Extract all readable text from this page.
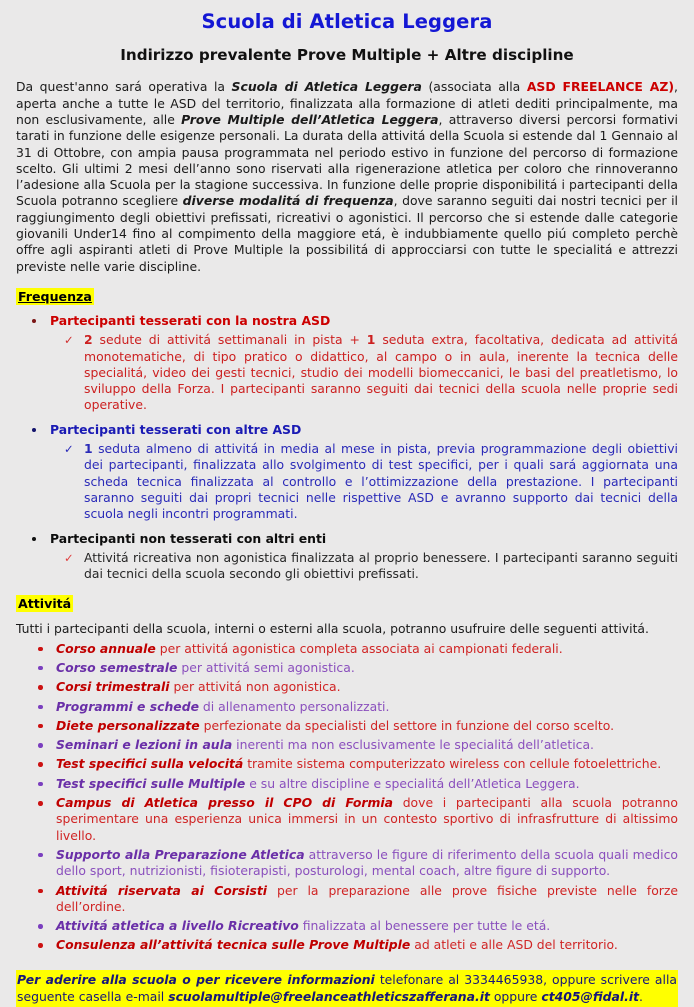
Scuola di Atletica Leggera
Indirizzo prevalente Prove Multiple + Altre discipline

Da quest'anno sará operativa la Scuola di Atletica Leggera (associata alla ASD FREELANCE AZ), aperta anche a tutte le ASD del territorio, finalizzata alla formazione di atleti dediti principalmente, ma non esclusivamente, alle Prove Multiple dell’Atletica Leggera, attraverso diversi percorsi formativi tarati in funzione delle esigenze personali. La durata della attivitá della Scuola si estende dal 1 Gennaio al 31 di Ottobre, con ampia pausa programmata nel periodo estivo in funzione del percorso di formazione scelto. Gli ultimi 2 mesi dell’anno sono riservati alla rigenerazione atletica per coloro che rinnoveranno l’adesione alla Scuola per la stagione successiva. In funzione delle proprie disponibilitá i partecipanti della Scuola potranno scegliere diverse modalitá di frequenza, dove saranno seguiti dai nostri tecnici per il raggiungimento degli obiettivi prefissati, ricreativi o agonistici. Il percorso che si estende dalle categorie giovanili Under14 fino al compimento della maggiore etá, è indubbiamente quello piú completo perchè offre agli aspiranti atleti di Prove Multiple la possibilitá di approcciarsi con tutte le specialitá e attrezzi previste nelle varie discipline.

Frequenza
Partecipanti tesserati con la nostra ASD
✓ 2 sedute di attivitá settimanali in pista + 1 seduta extra, facoltativa, dedicata ad attivitá monotematiche, di tipo pratico o didattico, al campo o in aula, inerente la tecnica delle specialitá, video dei gesti tecnici, studio dei modelli biomeccanici, le basi del preatletismo, lo sviluppo della Forza. I partecipanti saranno seguiti dai tecnici della scuola nelle proprie sedi operative.
Partecipanti tesserati con altre ASD
✓ 1 seduta almeno di attivitá in media al mese in pista, previa programmazione degli obiettivi dei partecipanti, finalizzata allo svolgimento di test specifici, per i quali sará aggiornata una scheda tecnica finalizzata al controllo e l’ottimizzazione della prestazione. I partecipanti saranno seguiti dai propri tecnici nelle rispettive ASD e avranno supporto dai tecnici della scuola negli incontri programmati.
Partecipanti non tesserati con altri enti
✓ Attivitá ricreativa non agonistica finalizzata al proprio benessere. I partecipanti saranno seguiti dai tecnici della scuola secondo gli obiettivi prefissati.
Attivitá

Tutti i partecipanti della scuola, interni o esterni alla scuola, potranno usufruire delle seguenti attivitá.

Corso annuale per attivitá agonistica completa associata ai campionati federali.
Corso semestrale per attivitá semi agonistica.
Corsi trimestrali per attivitá non agonistica.
Programmi e schede di allenamento personalizzati.
Diete personalizzate perfezionate da specialisti del settore in funzione del corso scelto.
Seminari e lezioni in aula inerenti ma non esclusivamente le specialitá dell’atletica.
Test specifici sulla velocitá tramite sistema computerizzato wireless con cellule fotoelettriche.
Test specifici sulle Multiple e su altre discipline e specialitá dell’Atletica Leggera.
Campus di Atletica presso il CPO di Formia dove i partecipanti alla scuola potranno sperimentare una esperienza unica immersi in un contesto sportivo di infrasfrutture di altissimo livello.
Supporto alla Preparazione Atletica attraverso le figure di riferimento della scuola quali medico dello sport, nutrizionisti, fisioterapisti, posturologi, mental coach, altre figure di supporto.
Attivitá riservata ai Corsisti per la preparazione alle prove fisiche previste nelle forze dell’ordine.
Attivitá atletica a livello Ricreativo finalizzata al benessere per tutte le etá.
Consulenza all’attivitá tecnica sulle Prove Multiple ad atleti e alle ASD del territorio.
Per aderire alla scuola o per ricevere informazioni telefonare al 3334465938, oppure scrivere alla seguente casella e-mail scuolamultiple@freelanceathleticszafferana.it oppure ct405@fidal.it.
